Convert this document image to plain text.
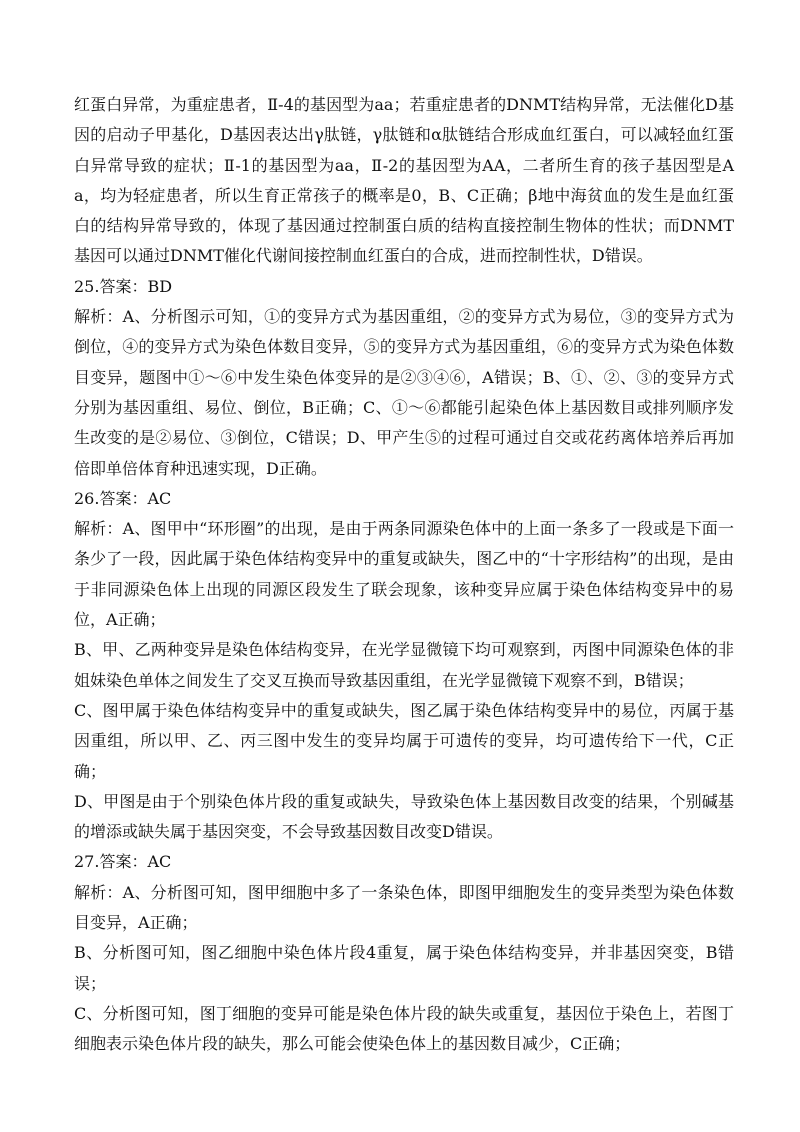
红蛋白异常，为重症患者，Ⅱ-4的基因型为aa；若重症患者的DNMT结构异常，无法催化D基因的启动子甲基化，D基因表达出γ肽链，γ肽链和α肽链结合形成血红蛋白，可以减轻血红蛋白异常导致的症状；Ⅱ-1的基因型为aa，Ⅱ-2的基因型为AA，二者所生育的孩子基因型是Aa，均为轻症患者，所以生育正常孩子的概率是0，B、C正确；β地中海贫血的发生是血红蛋白的结构异常导致的，体现了基因通过控制蛋白质的结构直接控制生物体的性状；而DNMT基因可以通过DNMT催化代谢间接控制血红蛋白的合成，进而控制性状，D错误。

25.答案：BD

解析：A、分析图示可知，①的变异方式为基因重组，②的变异方式为易位，③的变异方式为倒位，④的变异方式为染色体数目变异，⑤的变异方式为基因重组，⑥的变异方式为染色体数目变异，题图中①～⑥中发生染色体变异的是②③④⑥，A错误；B、①、②、③的变异方式分别为基因重组、易位、倒位，B正确；C、①～⑥都能引起染色体上基因数目或排列顺序发生改变的是②易位、③倒位，C错误；D、甲产生⑤的过程可通过自交或花药离体培养后再加倍即单倍体育种迅速实现，D正确。

26.答案：AC

解析：A、图甲中“环形圈”的出现，是由于两条同源染色体中的上面一条多了一段或是下面一条少了一段，因此属于染色体结构变异中的重复或缺失，图乙中的“十字形结构”的出现，是由于非同源染色体上出现的同源区段发生了联会现象，该种变异应属于染色体结构变异中的易位，A正确；

B、甲、乙两种变异是染色体结构变异，在光学显微镜下均可观察到，丙图中同源染色体的非姐妹染色单体之间发生了交叉互换而导致基因重组，在光学显微镜下观察不到，B错误；

C、图甲属于染色体结构变异中的重复或缺失，图乙属于染色体结构变异中的易位，丙属于基因重组，所以甲、乙、丙三图中发生的变异均属于可遗传的变异，均可遗传给下一代，C正确；

D、甲图是由于个别染色体片段的重复或缺失，导致染色体上基因数目改变的结果，个别碱基的增添或缺失属于基因突变，不会导致基因数目改变D错误。

27.答案：AC

解析：A、分析图可知，图甲细胞中多了一条染色体，即图甲细胞发生的变异类型为染色体数目变异，A正确；

B、分析图可知，图乙细胞中染色体片段4重复，属于染色体结构变异，并非基因突变，B错误；

C、分析图可知，图丁细胞的变异可能是染色体片段的缺失或重复，基因位于染色上，若图丁细胞表示染色体片段的缺失，那么可能会使染色体上的基因数目减少，C正确；
